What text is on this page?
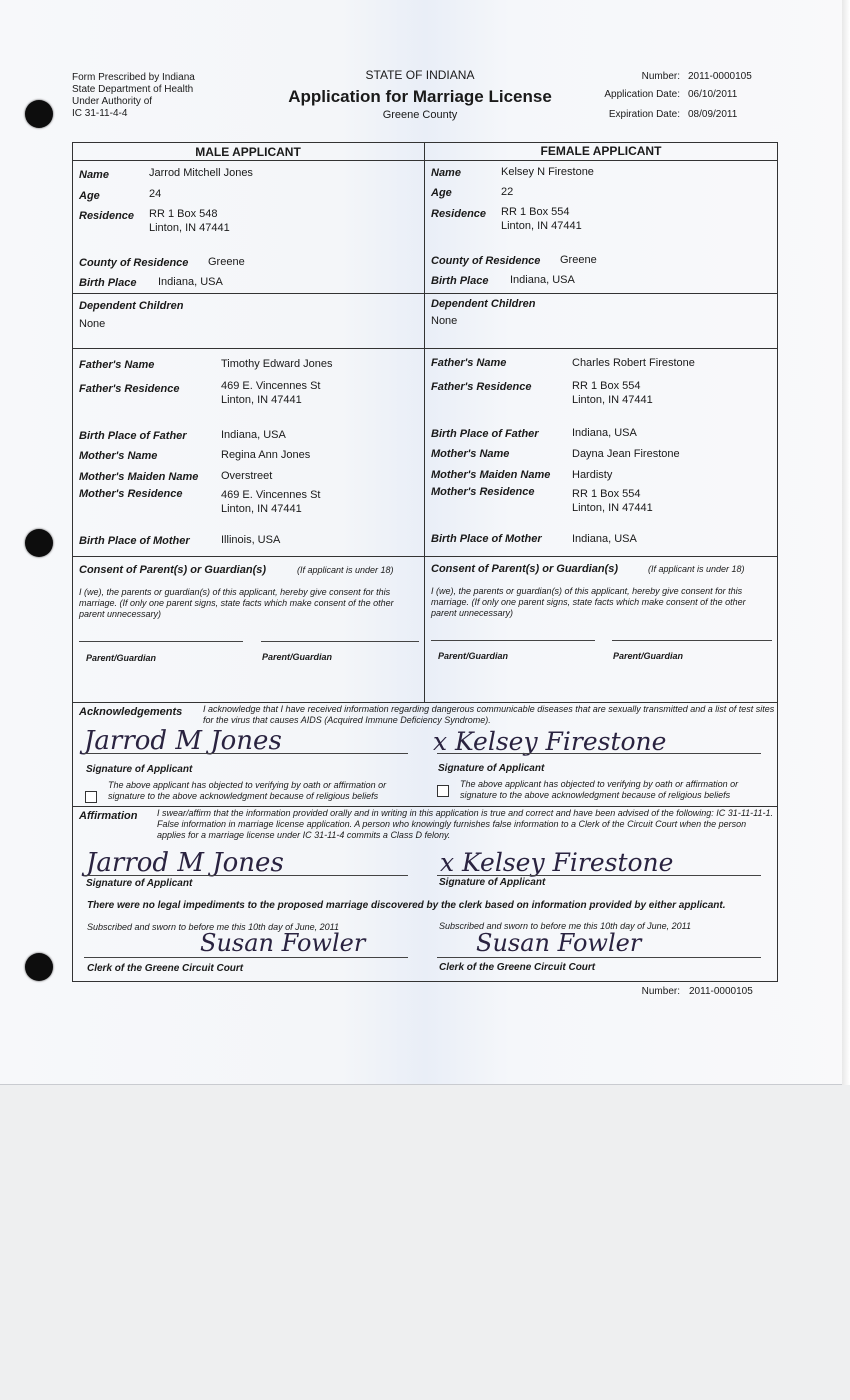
Form Prescribed by Indiana
State Department of Health
Under Authority of
IC 31-11-4-4
STATE OF INDIANA
Application for Marriage License
Greene County
Number: 2011-0000105
Application Date: 06/10/2011
Expiration Date: 08/09/2011
MALE APPLICANT	FEMALE APPLICANT
Name	Jarrod Mitchell Jones
Age	24
Residence RR 1 Box 548
Linton, IN 47441
County of Residence Greene
Birth Place Indiana, USA
Dependent Children
None
Father's Name	Timothy Edward Jones
Father's Residence	469 E. Vincennes St
Linton, IN 47441
Birth Place of Father	Indiana, USA
Mother's Name	Regina Ann Jones
Mother's Maiden Name Overstreet
Mother's Residence	469 E. Vincennes St
Linton, IN 47441
Birth Place of Mother	Illinois, USA
Name	Kelsey N Firestone
Age	22
Residence RR 1 Box 554
Linton, IN 47441
County of Residence Greene
Birth Place Indiana, USA
Dependent Children
None
Father's Name	Charles Robert Firestone
Father's Residence	RR 1 Box 554
Linton, IN 47441
Birth Place of Father	Indiana, USA
Mother's Name	Dayna Jean Firestone
Mother's Maiden Name Hardisty
Mother's Residence	RR 1 Box 554
Linton, IN 47441
Birth Place of Mother	Indiana, USA
Consent of Parent(s) or Guardian(s)	(If applicant is under 18)
I (we), the parents or guardian(s) of this applicant, hereby give consent for this marriage. (If only one parent signs, state facts which make consent of the other parent unnecessary)
Parent/Guardian	Parent/Guardian
Consent of Parent(s) or Guardian(s)	(If applicant is under 18)
I (we), the parents or guardian(s) of this applicant, hereby give consent for this marriage. (If only one parent signs, state facts which make consent of the other parent unnecessary)
Parent/Guardian	Parent/Guardian
Acknowledgements I acknowledge that I have received information regarding dangerous communicable diseases that are sexually transmitted and a list of test sites for the virus that causes AIDS (Acquired Immune Deficiency Syndrome).
Jarrod M Jones
Signature of Applicant
The above applicant has objected to verifying by oath or affirmation or signature to the above acknowledgment because of religious beliefs
x Kelsey Firestone
Signature of Applicant
The above applicant has objected to verifying by oath or affirmation or signature to the above acknowledgment because of religious beliefs
Affirmation I swear/affirm that the information provided orally and in writing in this application is true and correct and have been advised of the following: IC 31-11-11-1. False information in marriage license application. A person who knowingly furnishes false information to a Clerk of the Circuit Court when the person applies for a marriage license under IC 31-11-4 commits a Class D felony.
Jarrod M Jones
Signature of Applicant
x Kelsey Firestone
Signature of Applicant
There were no legal impediments to the proposed marriage discovered by the clerk based on information provided by either applicant.
Subscribed and sworn to before me this 10th day of June, 2011
Susan Fowler
Clerk of the Greene Circuit Court
Subscribed and sworn to before me this 10th day of June, 2011
Susan Fowler
Clerk of the Greene Circuit Court
Number: 2011-0000105
